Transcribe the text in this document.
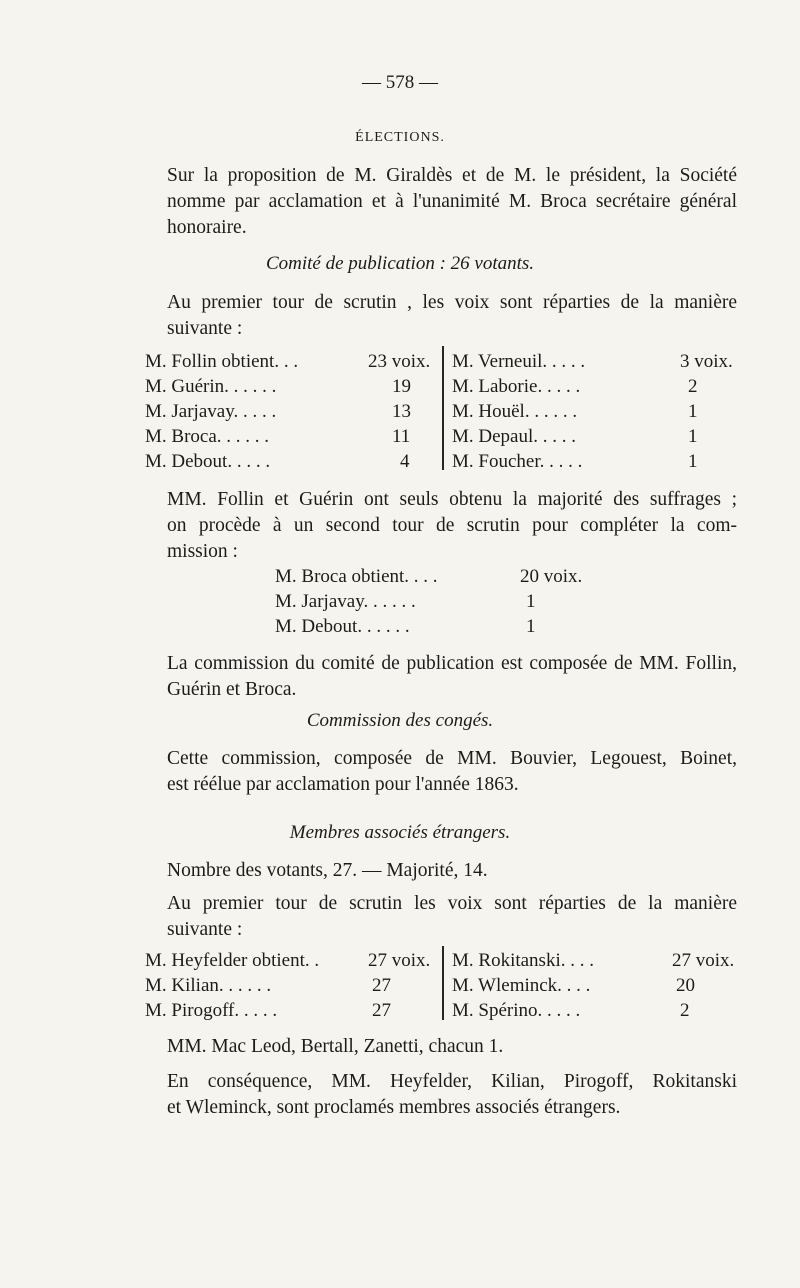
— 578 —
ÉLECTIONS.
Sur la proposition de M. Giraldès et de M. le président, la Société
nomme par acclamation et à l'unanimité M. Broca secrétaire général
honoraire.
Comité de publication : 26 votants.
Au premier tour de scrutin , les voix sont réparties de la manière
suivante :
M. Follin obtient. . .	23 voix.
M. Guérin. . . . . .	19
M. Jarjavay. . . . .	13
M. Broca. . . . . .	11
M. Debout. . . . .	4
M. Verneuil. . . . .	3 voix.
M. Laborie. . . . .	2
M. Houël. . . . . .	1
M. Depaul. . . . .	1
M. Foucher. . . . .	1
MM. Follin et Guérin ont seuls obtenu la majorité des suffrages ;
on procède à un second tour de scrutin pour compléter la com-
mission :
M. Broca obtient. . . .	20 voix.
M. Jarjavay. . . . . .	1
M. Debout. . . . . .	1
La commission du comité de publication est composée de MM. Follin,
Guérin et Broca.
Commission des congés.
Cette commission, composée de MM. Bouvier, Legouest, Boinet,
est réélue par acclamation pour l'année 1863.
Membres associés étrangers.
Nombre des votants, 27. — Majorité, 14.
Au premier tour de scrutin les voix sont réparties de la manière
suivante :
M. Heyfelder obtient. .	27 voix.
M. Kilian. . . . . .	27
M. Pirogoff. . . . .	27
M. Rokitanski. . . .	27 voix.
M. Wleminck. . . .	20
M. Spérino. . . . .	2
MM. Mac Leod, Bertall, Zanetti, chacun 1.
En conséquence, MM. Heyfelder, Kilian, Pirogoff, Rokitanski
et Wleminck, sont proclamés membres associés étrangers.
